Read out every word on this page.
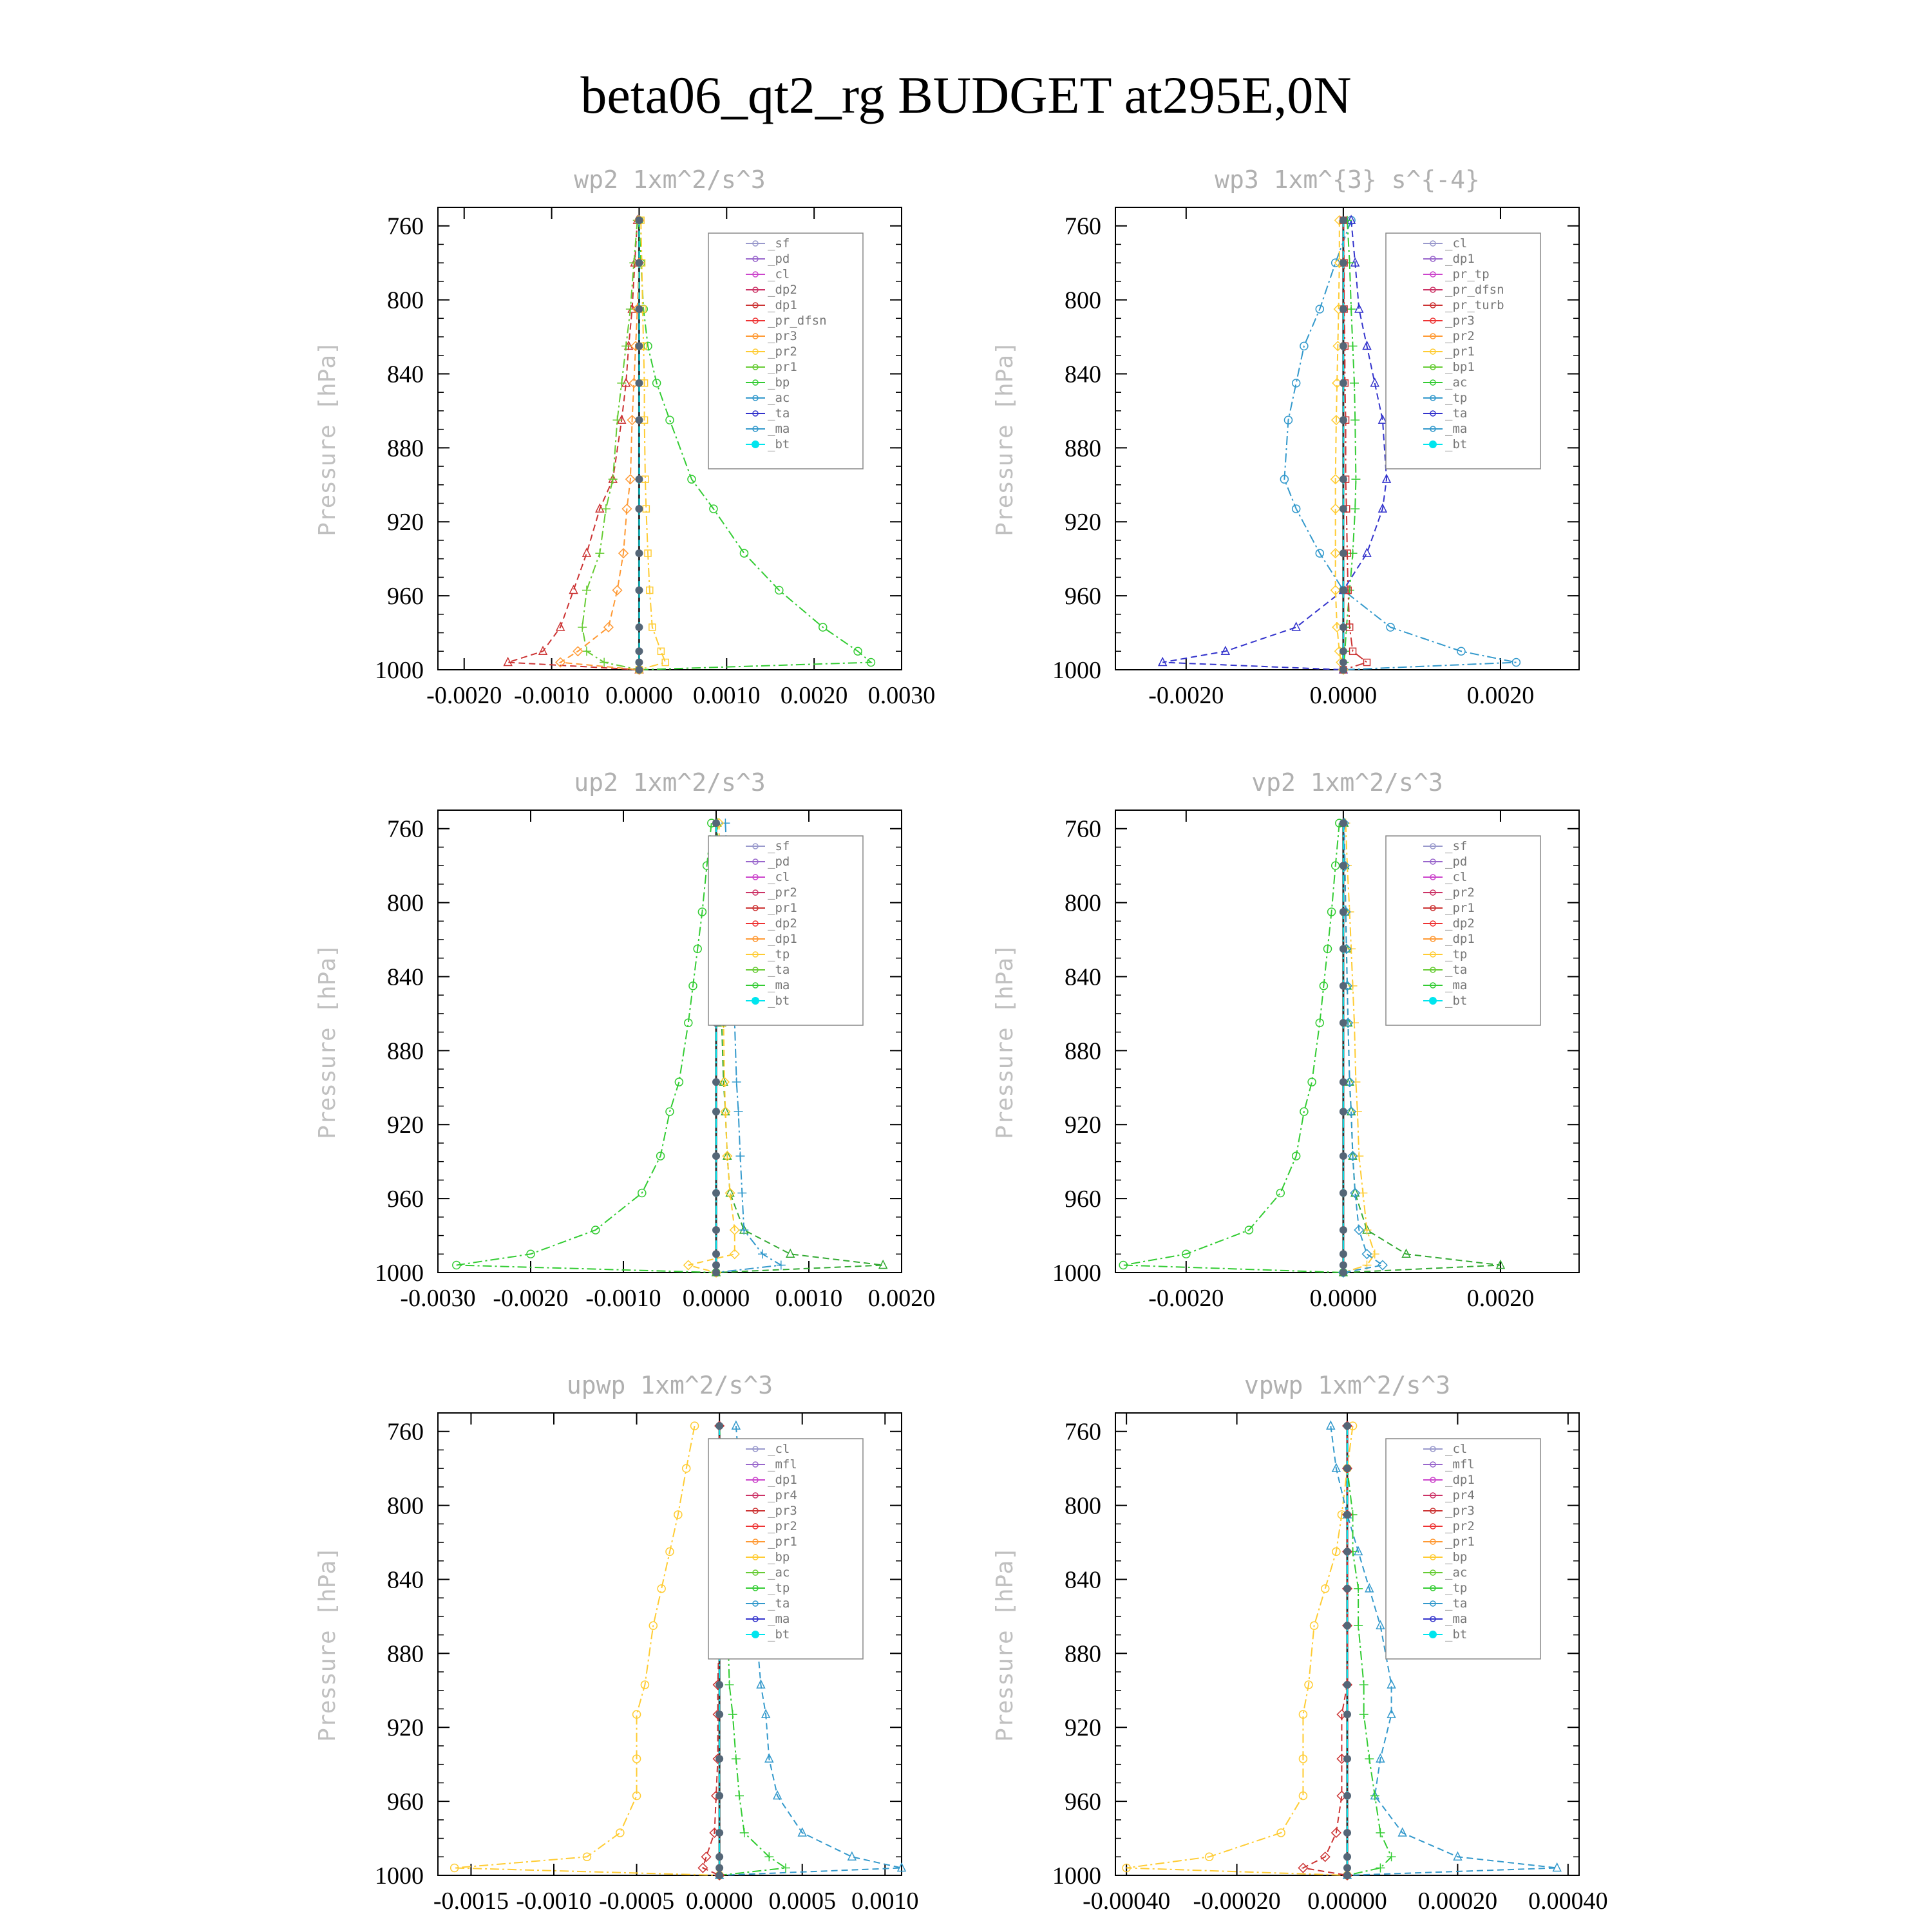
beta06_qt2_rg BUDGET at295E,0N
wp2 1xm^2/s^3
Pressure [hPa]
760
800
840
880
920
960
1000
-0.0020 -0.0010 0.0000 0.0010 0.0020 0.0030
_sf
_pd
_cl
_dp2
_dp1
_pr_dfsn
_pr3
_pr2
_pr1
_bp
_ac
_ta
_ma
_bt
wp3 1xm^{3} s^{-4}
Pressure [hPa]
760
800
840
880
920
960
1000
-0.0020	0.0000	0.0020
_cl
_dp1
_pr_tp
_pr_dfsn
_pr_turb
_pr3
_pr2
_pr1
_bp1
_ac
_tp
_ta
_ma
_bt
up2 1xm^2/s^3
Pressure [hPa]
760
800
840
880
920
960
1000
-0.0030 -0.0020 -0.0010 0.0000 0.0010 0.0020
_sf
_pd
_cl
_pr2
_pr1
_dp2
_dp1
_tp
_ta
_ma
_bt
vp2 1xm^2/s^3
Pressure [hPa]
760
800
840
880
920
960
1000
-0.0020	0.0000	0.0020
_sf
_pd
_cl
_pr2
_pr1
_dp2
_dp1
_tp
_ta
_ma
_bt
upwp 1xm^2/s^3
Pressure [hPa]
760
800
840
880
920
960
1000
-0.0015 -0.0010 -0.0005 0.0000 0.0005 0.0010
_cl
_mfl
_dp1
_pr4
_pr3
_pr2
_pr1
_bp
_ac
_tp
_ta
_ma
_bt
vpwp 1xm^2/s^3
Pressure [hPa]
760
800
840
880
920
960
1000
-0.00040 -0.00020 0.00000 0.00020 0.00040
_cl
_mfl
_dp1
_pr4
_pr3
_pr2
_pr1
_bp
_ac
_tp
_ta
_ma
_bt
